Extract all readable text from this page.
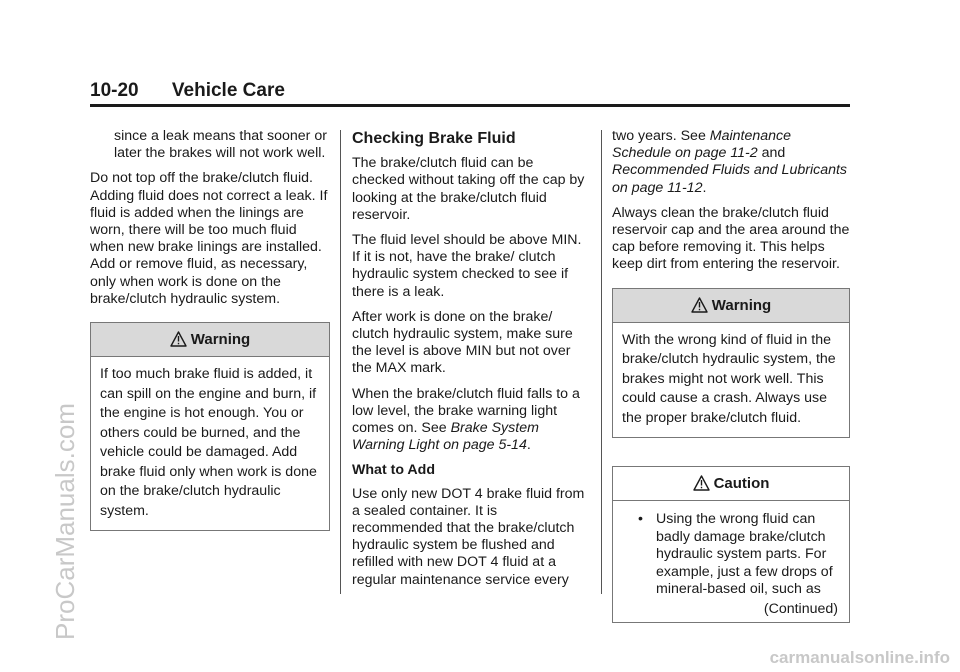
10-20 Vehicle Care

since a leak means that sooner or later the brakes will not work well.

Do not top off the brake/clutch fluid. Adding fluid does not correct a leak. If fluid is added when the linings are worn, there will be too much fluid when new brake linings are installed. Add or remove fluid, as necessary, only when work is done on the brake/clutch hydraulic system.

Warning
If too much brake fluid is added, it can spill on the engine and burn, if the engine is hot enough. You or others could be burned, and the vehicle could be damaged. Add brake fluid only when work is done on the brake/clutch hydraulic system.
Checking Brake Fluid

The brake/clutch fluid can be checked without taking off the cap by looking at the brake/clutch fluid reservoir.

The fluid level should be above MIN. If it is not, have the brake/ clutch hydraulic system checked to see if there is a leak.

After work is done on the brake/ clutch hydraulic system, make sure the level is above MIN but not over the MAX mark.

When the brake/clutch fluid falls to a low level, the brake warning light comes on. See Brake System Warning Light on page 5-14.

What to Add

Use only new DOT 4 brake fluid from a sealed container. It is recommended that the brake/clutch hydraulic system be flushed and refilled with new DOT 4 fluid at a regular maintenance service every

two years. See Maintenance Schedule on page 11-2 and Recommended Fluids and Lubricants on page 11-12.

Always clean the brake/clutch fluid reservoir cap and the area around the cap before removing it. This helps keep dirt from entering the reservoir.

Warning
With the wrong kind of fluid in the brake/clutch hydraulic system, the brakes might not work well. This could cause a crash. Always use the proper brake/clutch fluid.
Caution
• Using the wrong fluid can badly damage brake/clutch hydraulic system parts. For example, just a few drops of mineral-based oil, such as
(Continued)
ProCarManuals.com
carmanualsonline.info
